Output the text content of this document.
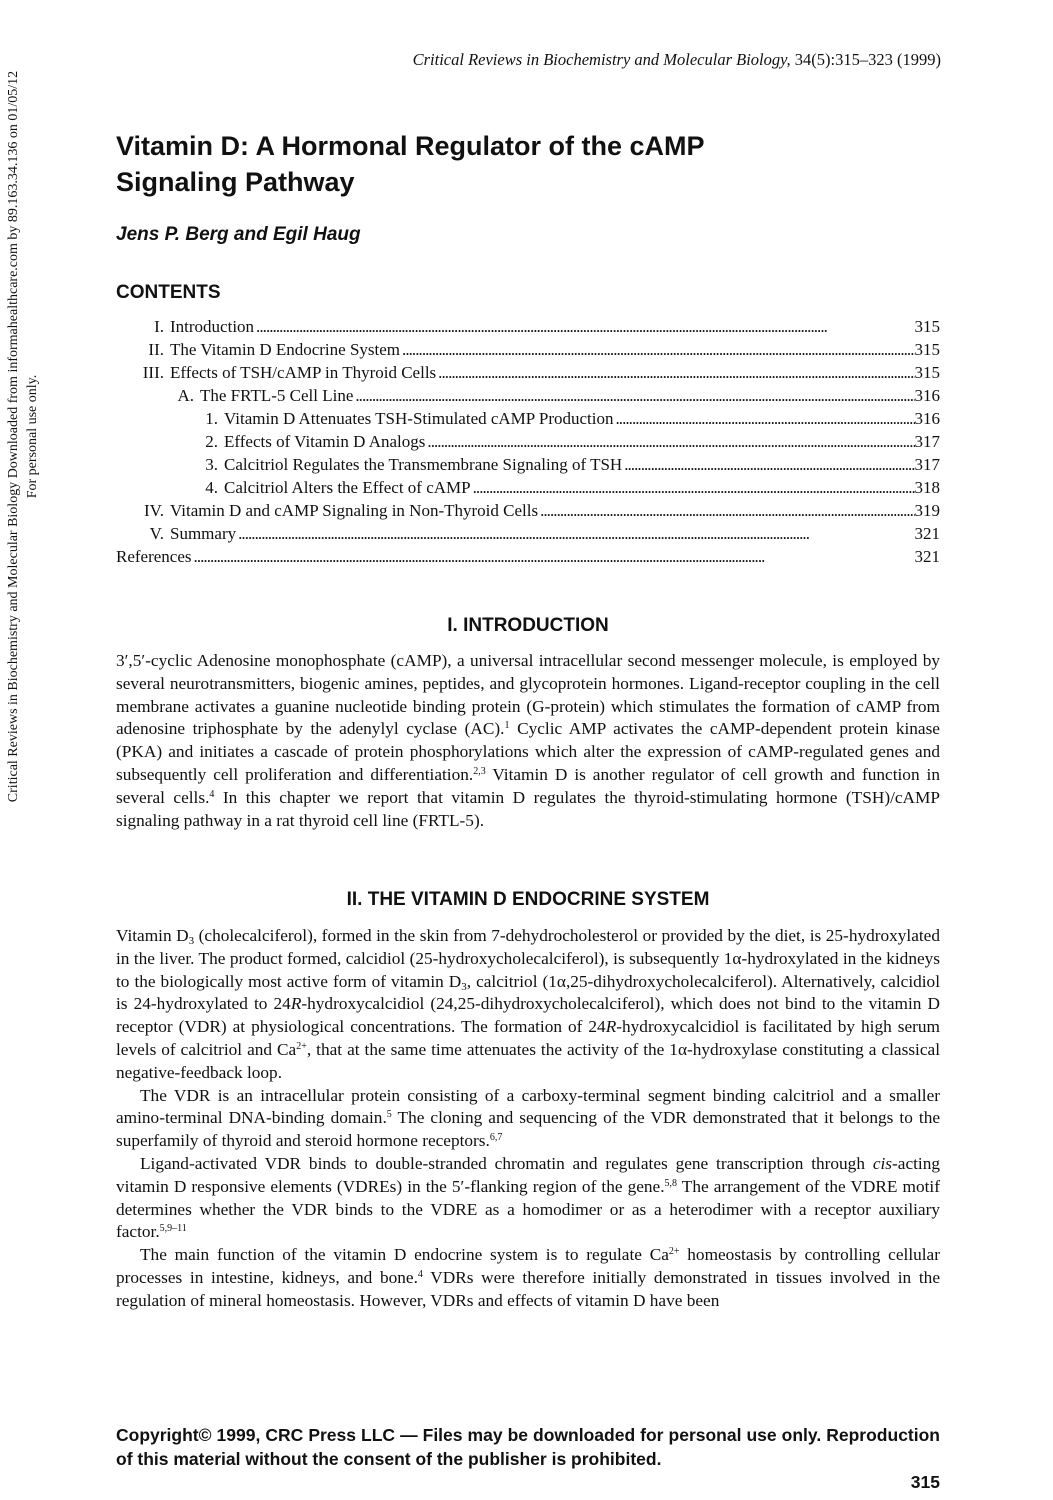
Critical Reviews in Biochemistry and Molecular Biology, 34(5):315–323 (1999)
Critical Reviews in Biochemistry and Molecular Biology Downloaded from informahealthcare.com by 89.163.34.136 on 01/05/12 For personal use only.
Vitamin D: A Hormonal Regulator of the cAMP Signaling Pathway

Jens P. Berg and Egil Haug

CONTENTS
I. Introduction . . .	315
II. The Vitamin D Endocrine System . . .	315
III. Effects of TSH/cAMP in Thyroid Cells . . .	315
A. The FRTL-5 Cell Line . . .	316
1. Vitamin D Attenuates TSH-Stimulated cAMP Production . . .	316
2. Effects of Vitamin D Analogs . . .	317
3. Calcitriol Regulates the Transmembrane Signaling of TSH . . .	317
4. Calcitriol Alters the Effect of cAMP . . .	318
IV. Vitamin D and cAMP Signaling in Non-Thyroid Cells . . .	319
V. Summary . . .	321
References . . .	321
I. INTRODUCTION

3′,5′-cyclic Adenosine monophosphate (cAMP), a universal intracellular second messenger molecule, is employed by several neurotransmitters, biogenic amines, peptides, and glycoprotein hormones. Ligand-receptor coupling in the cell membrane activates a guanine nucleotide binding protein (G-protein) which stimulates the formation of cAMP from adenosine triphosphate by the adenylyl cyclase (AC).$^1$ Cyclic AMP activates the cAMP-dependent protein kinase (PKA) and initiates a cascade of protein phosphorylations which alter the expression of cAMP-regulated genes and subsequently cell proliferation and differentiation.$^{2,3}$ Vitamin D is another regulator of cell growth and function in several cells.$^4$ In this chapter we report that vitamin D regulates the thyroid-stimulating hormone (TSH)/cAMP signaling pathway in a rat thyroid cell line (FRTL-5).

II. THE VITAMIN D ENDOCRINE SYSTEM

Vitamin $D_3$ (cholecalciferol), formed in the skin from 7-dehydrocholesterol or provided by the diet, is 25-hydroxylated in the liver. The product formed, calcidiol (25-hydroxycholecalciferol), is subsequently 1α-hydroxylated in the kidneys to the biologically most active form of vitamin $D_3$, calcitriol (1α,25-dihydroxycholecalciferol). Alternatively, calcidiol is 24-hydroxylated to 24R-hydroxycalcidiol (24,25-dihydroxycholecalciferol), which does not bind to the vitamin D receptor (VDR) at physiological concentrations. The formation of 24R-hydroxycalcidiol is facilitated by high serum levels of calcitriol and $Ca^{2+}$, that at the same time attenuates the activity of the 1α-hydroxylase constituting a classical negative-feedback loop.

The VDR is an intracellular protein consisting of a carboxy-terminal segment binding calcitriol and a smaller amino-terminal DNA-binding domain.$^5$ The cloning and sequencing of the VDR demonstrated that it belongs to the superfamily of thyroid and steroid hormone receptors.$^{6,7}$

Ligand-activated VDR binds to double-stranded chromatin and regulates gene transcription through cis-acting vitamin D responsive elements (VDREs) in the 5′-flanking region of the gene.$^{5,8}$ The arrangement of the VDRE motif determines whether the VDR binds to the VDRE as a homodimer or as a heterodimer with a receptor auxiliary factor.$^{5,9-11}$

The main function of the vitamin D endocrine system is to regulate $Ca^{2+}$ homeostasis by controlling cellular processes in intestine, kidneys, and bone.$^4$ VDRs were therefore initially demonstrated in tissues involved in the regulation of mineral homeostasis. However, VDRs and effects of vitamin D have been

Copyright© 1999, CRC Press LLC — Files may be downloaded for personal use only. Reproduction of this material without the consent of the publisher is prohibited.

315
